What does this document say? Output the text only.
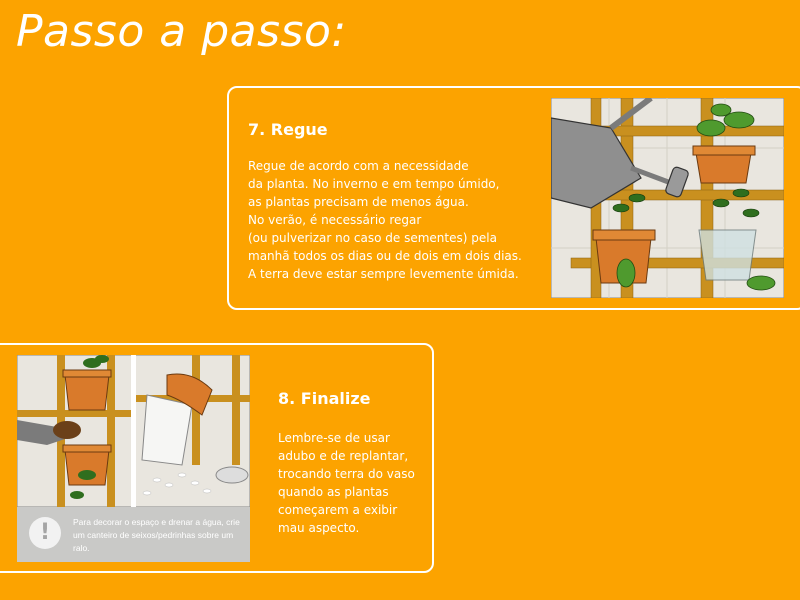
Passo a passo:
7. Regue

Regue de acordo com a necessidade
da planta. No inverno e em tempo úmido,
as plantas precisam de menos água.
No verão, é necessário regar
(ou pulverizar no caso de sementes) pela
manhã todos os dias ou de dois em dois dias.
A terra deve estar sempre levemente úmida.

8. Finalize

Lembre-se de usar
adubo e de replantar,
trocando terra do vaso
quando as plantas
começarem a exibir
mau aspecto.

!	Para decorar o espaço e drenar a água, crie um canteiro de seixos/pedrinhas sobre um ralo.
